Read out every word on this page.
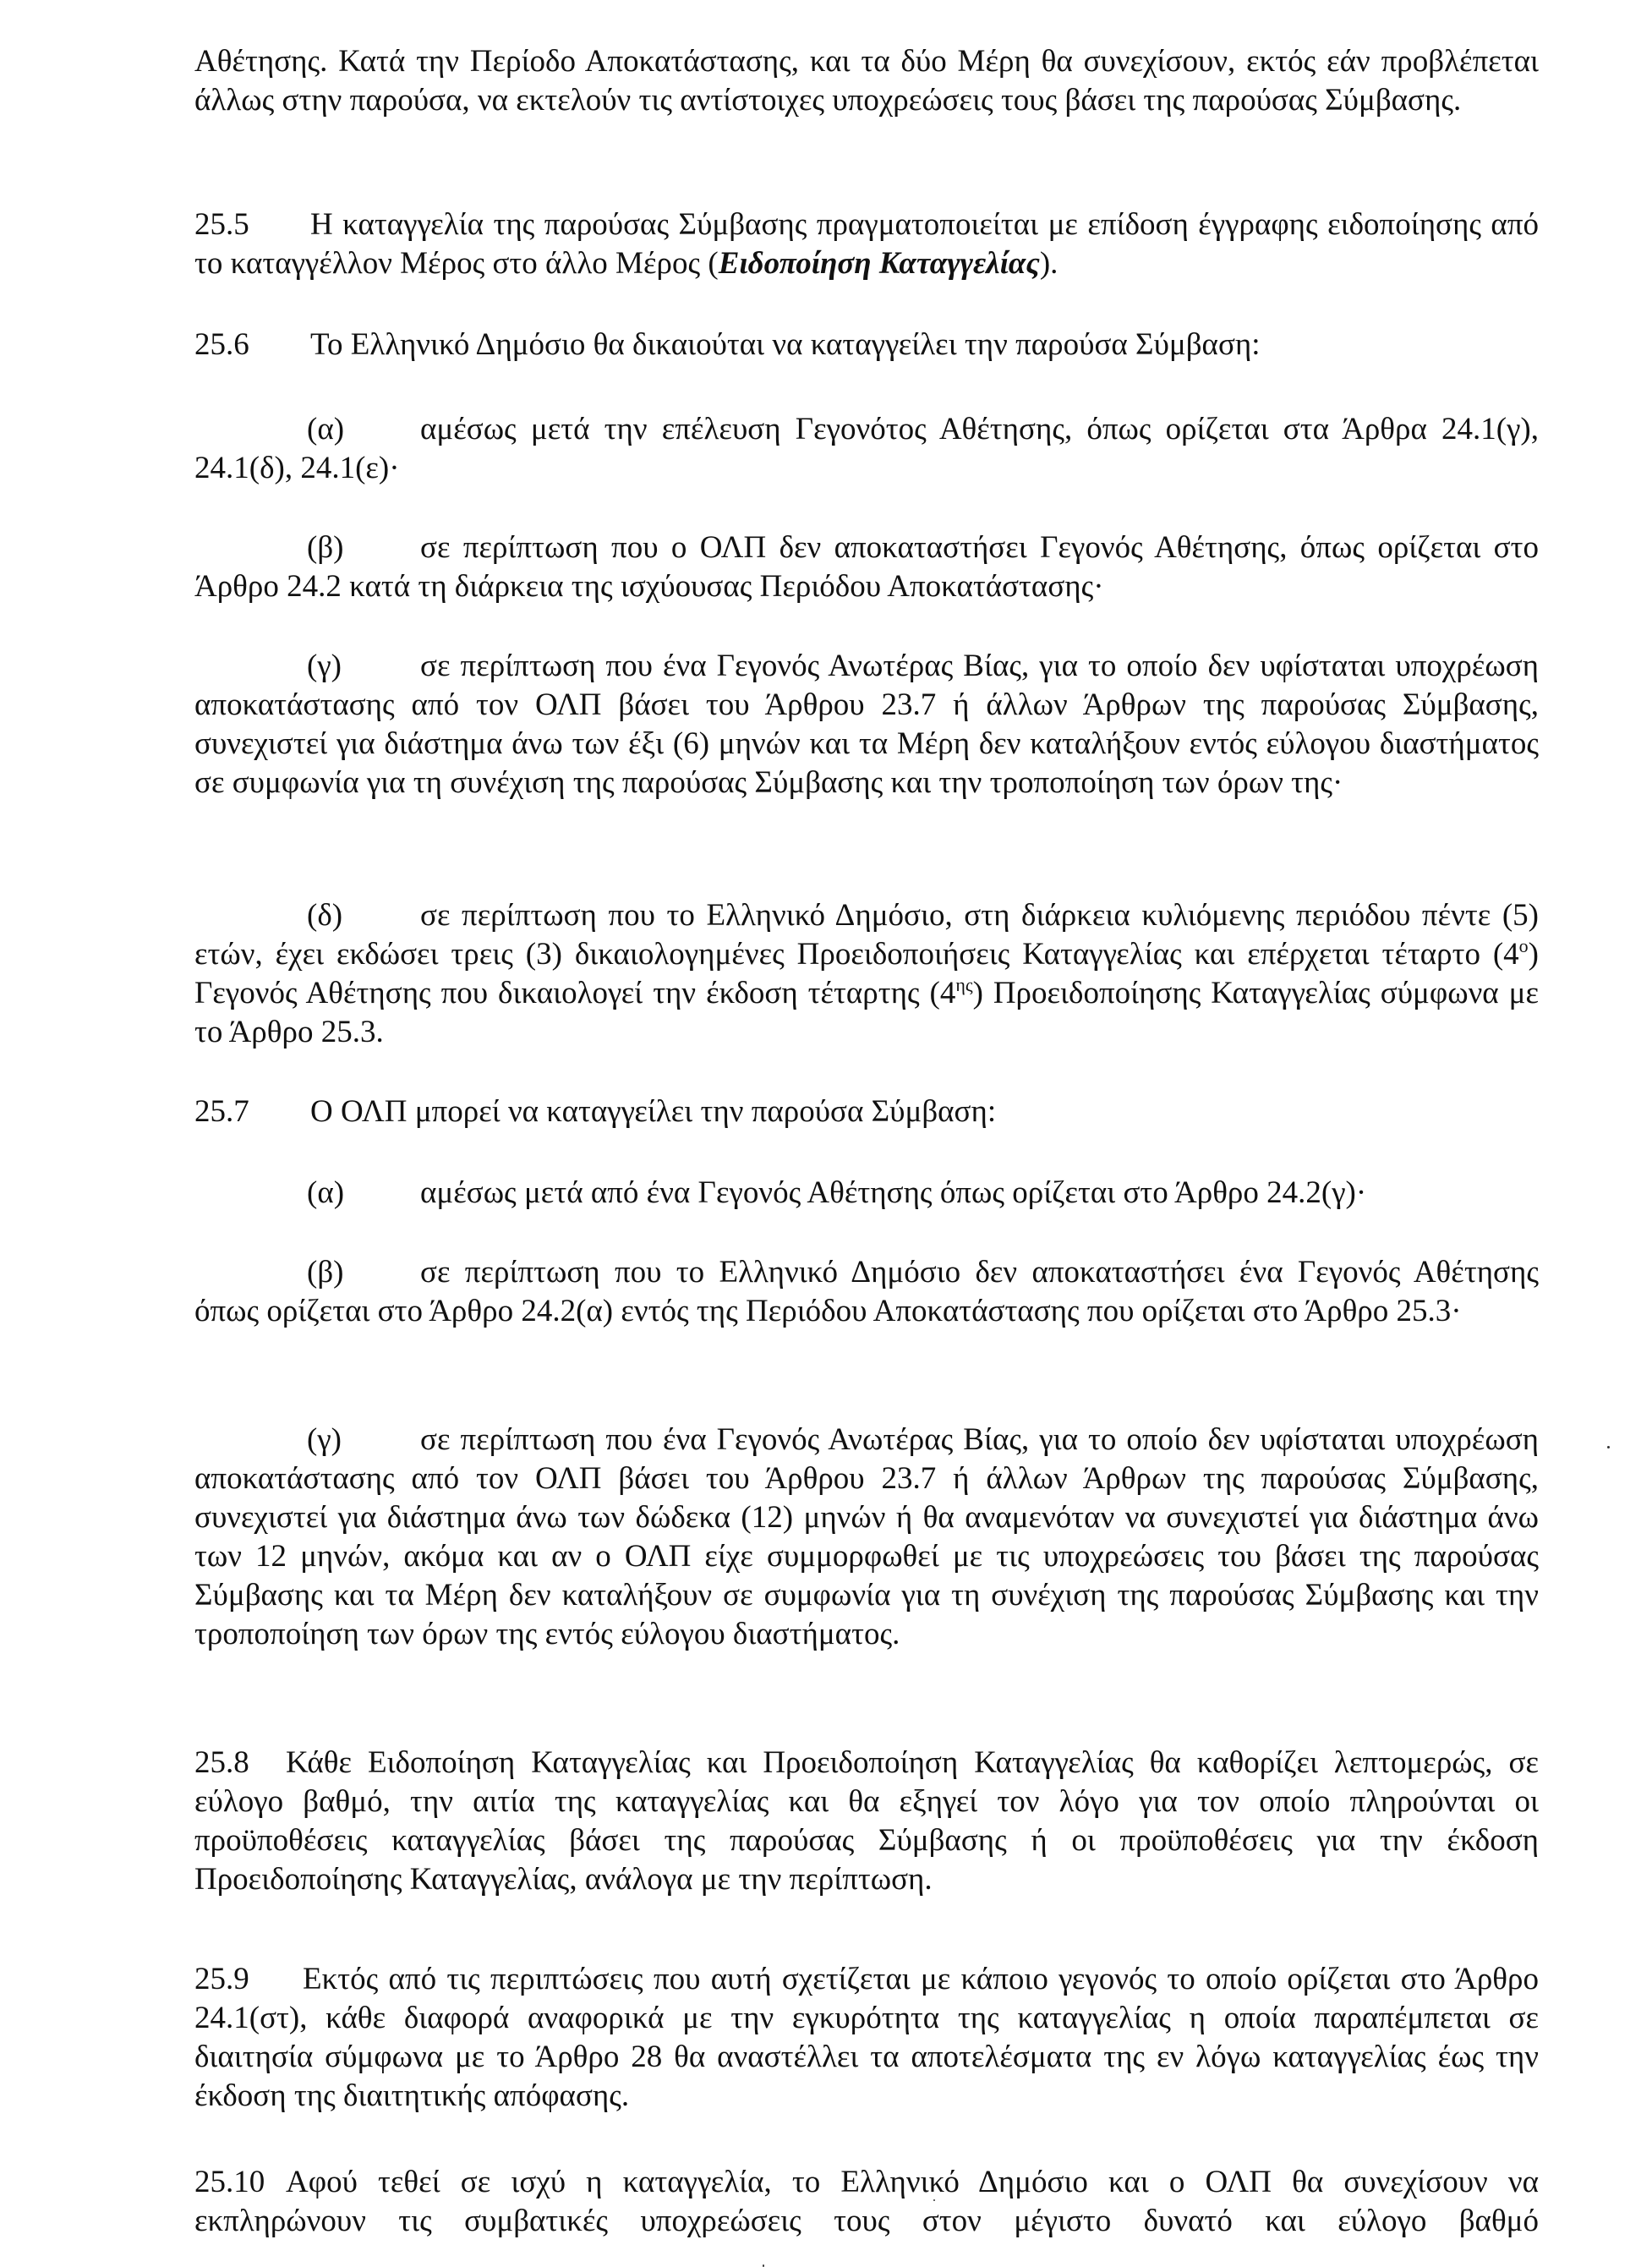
Αθέτησης. Κατά την Περίοδο Αποκατάστασης, και τα δύο Μέρη θα συνεχίσουν, εκτός εάν προβλέπεται άλλως στην παρούσα, να εκτελούν τις αντίστοιχες υποχρεώσεις τους βάσει της παρούσας Σύμβασης.

25.5 Η καταγγελία της παρούσας Σύμβασης πραγματοποιείται με επίδοση έγγραφης ειδοποίησης από το καταγγέλλον Μέρος στο άλλο Μέρος (Ειδοποίηση Καταγγελίας).

25.6 Το Ελληνικό Δημόσιο θα δικαιούται να καταγγείλει την παρούσα Σύμβαση:

(α) αμέσως μετά την επέλευση Γεγονότος Αθέτησης, όπως ορίζεται στα Άρθρα 24.1(γ), 24.1(δ), 24.1(ε)·

(β) σε περίπτωση που ο ΟΛΠ δεν αποκαταστήσει Γεγονός Αθέτησης, όπως ορίζεται στο Άρθρο 24.2 κατά τη διάρκεια της ισχύουσας Περιόδου Αποκατάστασης·

(γ)	σε περίπτωση που ένα Γεγονός Ανωτέρας Βίας, για το οποίο δεν υφίσταται υποχρέωση αποκατάστασης από τον ΟΛΠ βάσει του Άρθρου 23.7 ή άλλων Άρθρων της παρούσας Σύμβασης, συνεχιστεί για διάστημα άνω των έξι (6) μηνών και τα Μέρη δεν καταλήξουν εντός εύλογου διαστήματος σε συμφωνία για τη συνέχιση της παρούσας Σύμβασης και την τροποποίηση των όρων της·

(δ) σε περίπτωση που το Ελληνικό Δημόσιο, στη διάρκεια κυλιόμενης περιόδου πέντε (5) ετών, έχει εκδώσει τρεις (3) δικαιολογημένες Προειδοποιήσεις Καταγγελίας και επέρχεται τέταρτο $(4^o)$ Γεγονός Αθέτησης που δικαιολογεί την έκδοση τέταρτης $(4^{\eta\varsigma})$ Προειδοποίησης Καταγγελίας σύμφωνα με το Άρθρο 25.3.

25.7 Ο ΟΛΠ μπορεί να καταγγείλει την παρούσα Σύμβαση:

(α) αμέσως μετά από ένα Γεγονός Αθέτησης όπως ορίζεται στο Άρθρο 24.2(γ)·

(β) σε περίπτωση που το Ελληνικό Δημόσιο δεν αποκαταστήσει ένα Γεγονός Αθέτησης όπως ορίζεται στο Άρθρο 24.2(α) εντός της Περιόδου Αποκατάστασης που ορίζεται στο Άρθρο 25.3·

(γ)	σε περίπτωση που ένα Γεγονός Ανωτέρας Βίας, για το οποίο δεν υφίσταται υποχρέωση αποκατάστασης από τον ΟΛΠ βάσει του Άρθρου 23.7 ή άλλων Άρθρων της παρούσας Σύμβασης, συνεχιστεί για διάστημα άνω των δώδεκα (12) μηνών ή θα αναμενόταν να συνεχιστεί για διάστημα άνω των 12 μηνών, ακόμα και αν ο ΟΛΠ είχε συμμορφωθεί με τις υποχρεώσεις του βάσει της παρούσας Σύμβασης και τα Μέρη δεν καταλήξουν σε συμφωνία για τη συνέχιση της παρούσας Σύμβασης και την τροποποίηση των όρων της εντός εύλογου διαστήματος.

25.8 Κάθε Ειδοποίηση Καταγγελίας και Προειδοποίηση Καταγγελίας θα καθορίζει λεπτομερώς, σε εύλογο βαθμό, την αιτία της καταγγελίας και θα εξηγεί τον λόγο για τον οποίο πληρούνται οι προϋποθέσεις καταγγελίας βάσει της παρούσας Σύμβασης ή οι προϋποθέσεις για την έκδοση Προειδοποίησης Καταγγελίας, ανάλογα με την περίπτωση.

25.9 Εκτός από τις περιπτώσεις που αυτή σχετίζεται με κάποιο γεγονός το οποίο ορίζεται στο Άρθρο 24.1(στ), κάθε διαφορά αναφορικά με την εγκυρότητα της καταγγελίας η οποία παραπέμπεται σε διαιτησία σύμφωνα με το Άρθρο 28 θα αναστέλλει τα αποτελέσματα της εν λόγω καταγγελίας έως την έκδοση της διαιτητικής απόφασης.

25.10 Αφού τεθεί σε ισχύ η καταγγελία, το Ελληνικό Δημόσιο και ο ΟΛΠ θα συνεχίσουν να εκπληρώνουν τις συμβατικές υποχρεώσεις τους στον μέγιστο δυνατό και εύλογο βαθμό
